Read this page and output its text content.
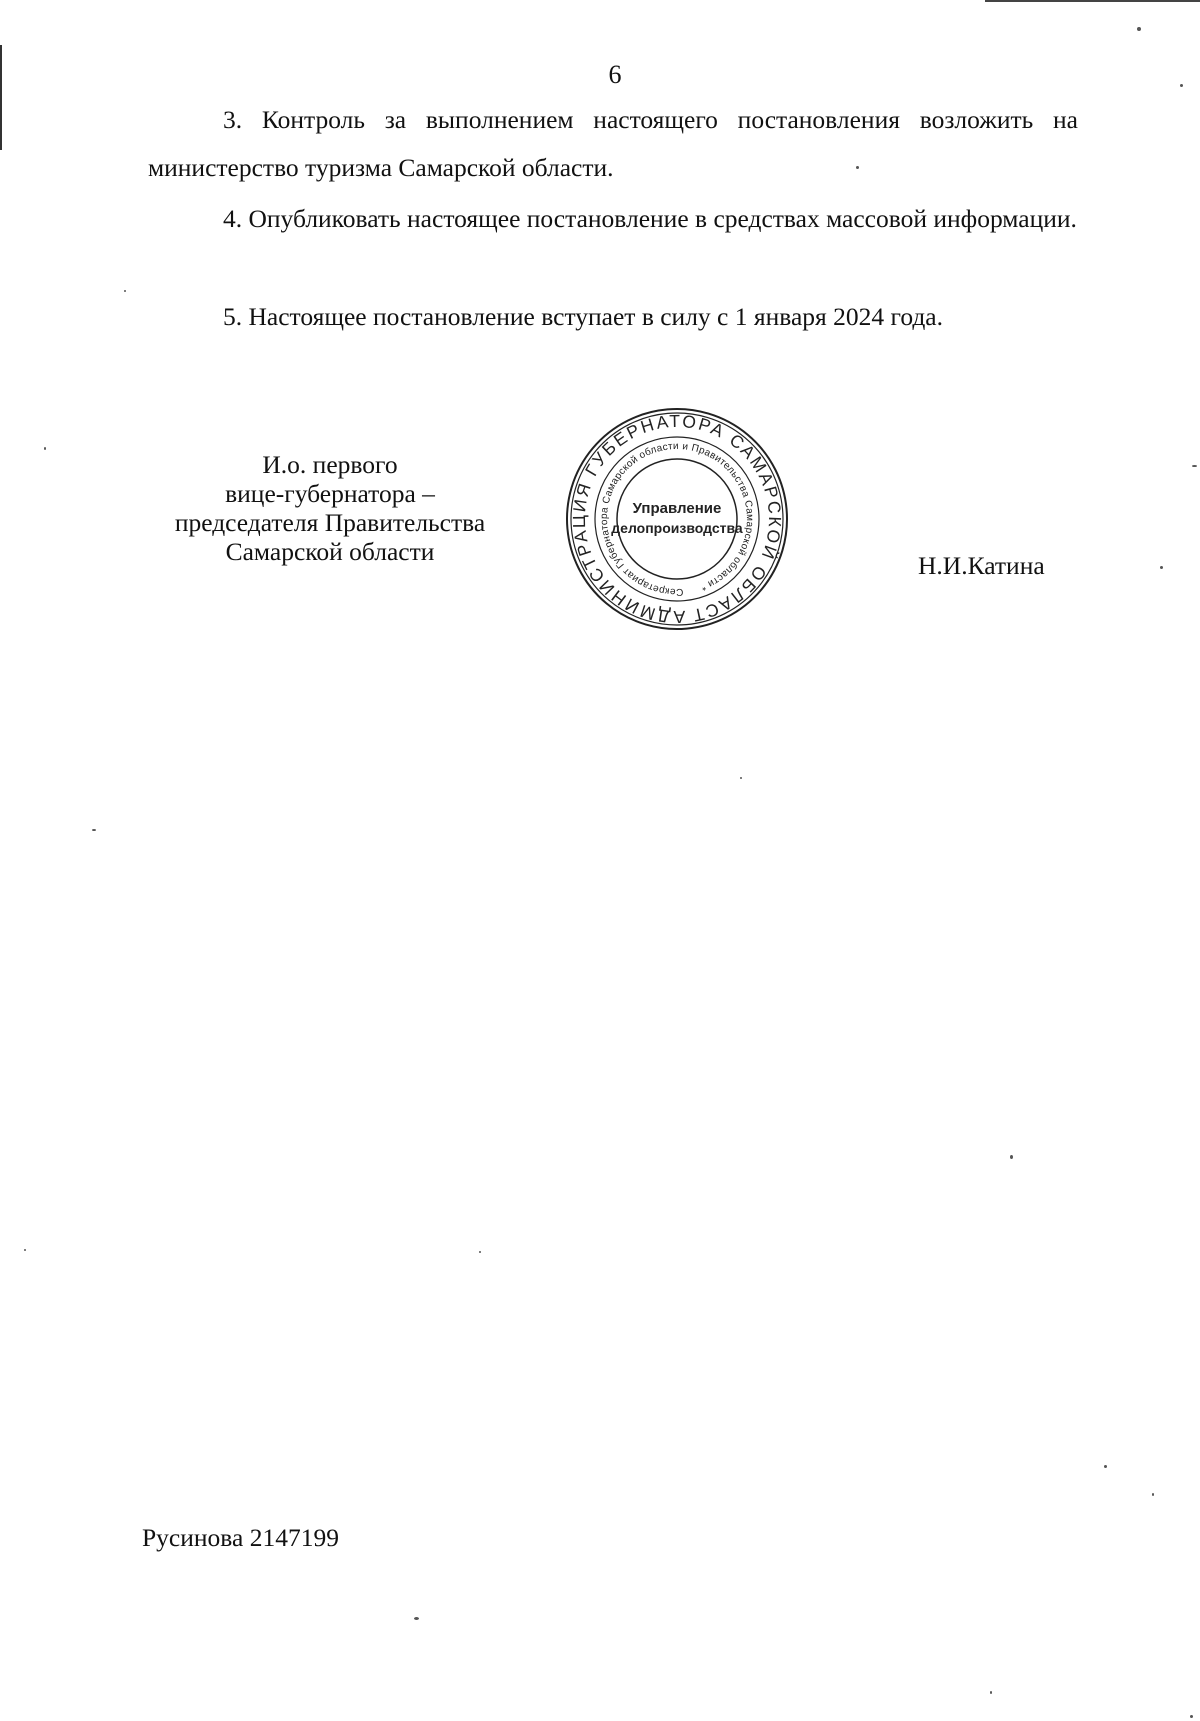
6

3. Контроль за выполнением настоящего постановления возложить на министерство туризма Самарской области.

4. Опубликовать настоящее постановление в средствах массовой информации.

5. Настоящее постановление вступает в силу с 1 января 2024 года.

И.о. первого
вице-губернатора –
председателя Правительства
Самарской области
АДМИНИСТРАЦИЯ ГУБЕРНАТОРА САМАРСКОЙ ОБЛАСТИ
Секретариат Губернатора Самарской области и Правительства Самарской области *
Управление
делопроизводства
Н.И.Катина
Русинова 2147199
